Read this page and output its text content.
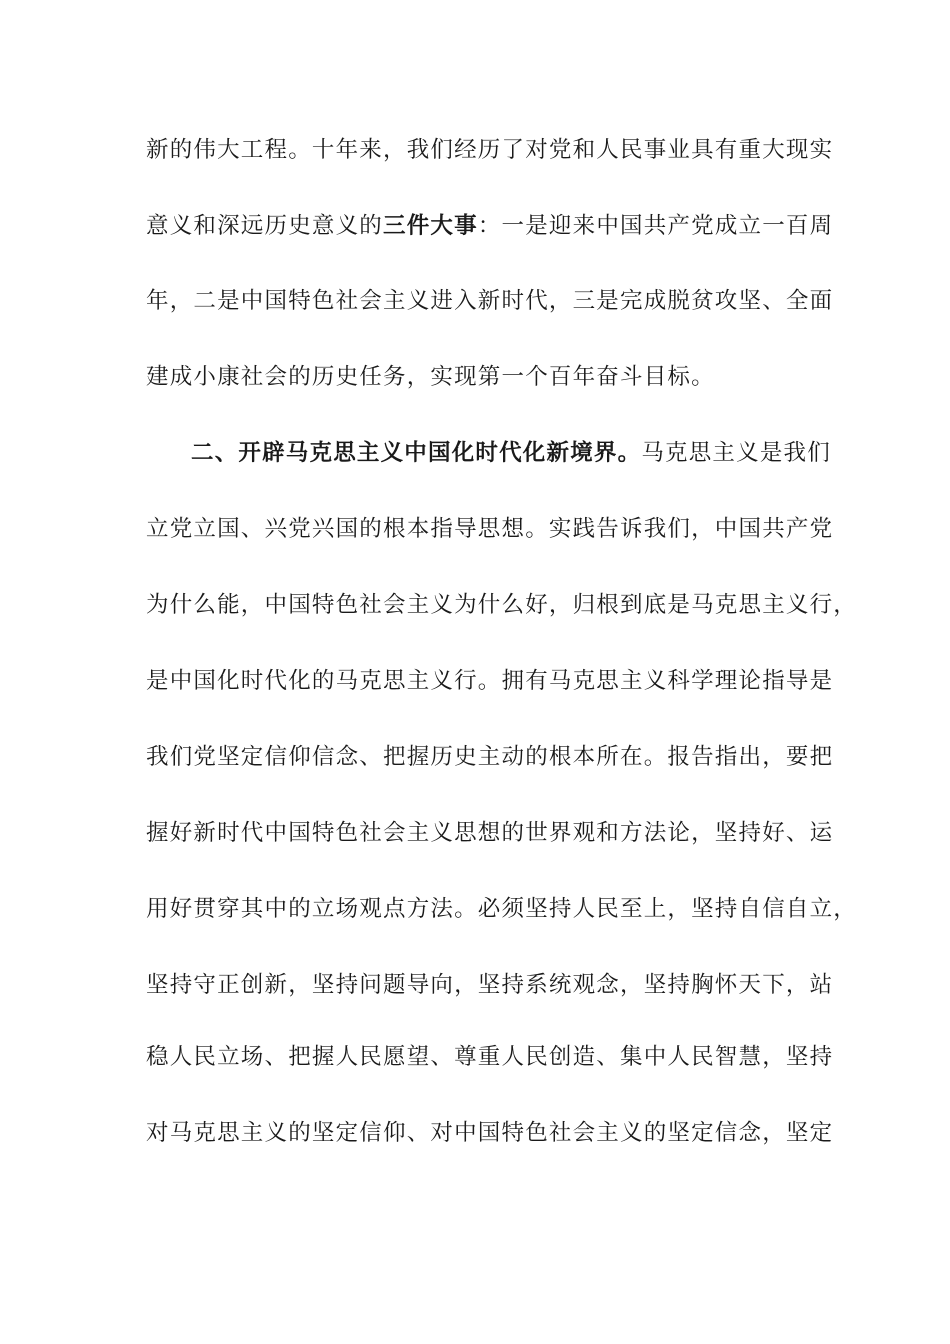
新的伟大工程。十年来，我们经历了对党和人民事业具有重大现实
意义和深远历史意义的三件大事：一是迎来中国共产党成立一百周
年，二是中国特色社会主义进入新时代，三是完成脱贫攻坚、全面
建成小康社会的历史任务，实现第一个百年奋斗目标。
二、开辟马克思主义中国化时代化新境界。马克思主义是我们
立党立国、兴党兴国的根本指导思想。实践告诉我们，中国共产党
为什么能，中国特色社会主义为什么好，归根到底是马克思主义行，
是中国化时代化的马克思主义行。拥有马克思主义科学理论指导是
我们党坚定信仰信念、把握历史主动的根本所在。报告指出，要把
握好新时代中国特色社会主义思想的世界观和方法论，坚持好、运
用好贯穿其中的立场观点方法。必须坚持人民至上，坚持自信自立，
坚持守正创新，坚持问题导向，坚持系统观念，坚持胸怀天下，站
稳人民立场、把握人民愿望、尊重人民创造、集中人民智慧，坚持
对马克思主义的坚定信仰、对中国特色社会主义的坚定信念，坚定
